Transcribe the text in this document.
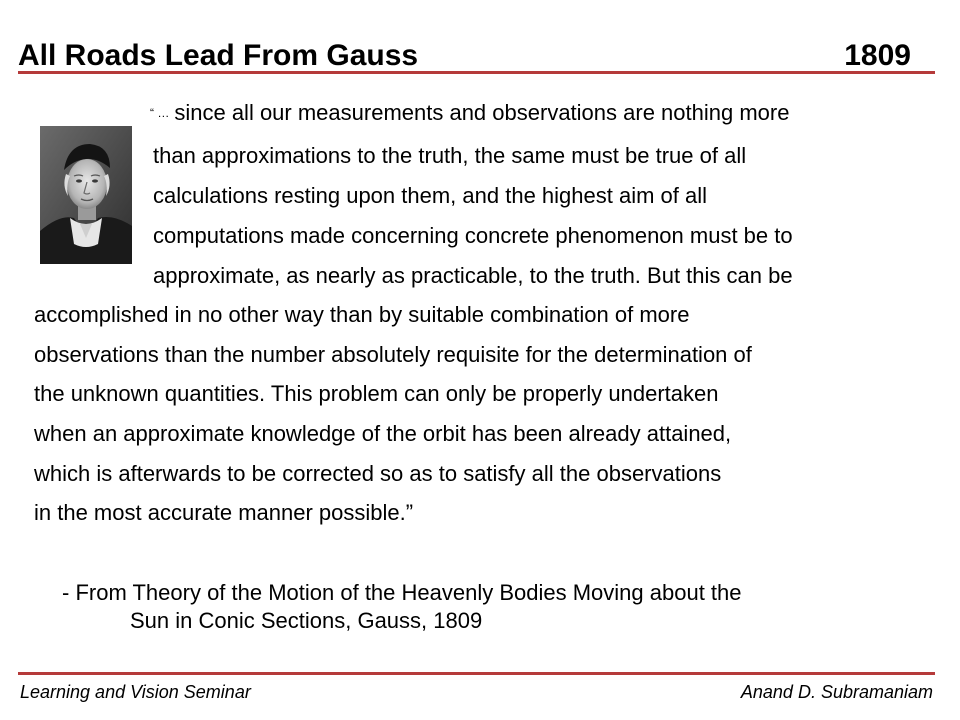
All Roads Lead From Gauss	1809
“ … since all our measurements and observations are nothing more
than approximations to the truth, the same must be true of all
calculations resting upon them, and the highest aim of all
computations made concerning concrete phenomenon must be to
approximate, as nearly as practicable, to the truth. But this can be
accomplished in no other way than by suitable combination of more
observations than the number absolutely requisite for the determination of
the unknown quantities. This problem can only be properly undertaken
when an approximate knowledge of the orbit has been already attained,
which is afterwards to be corrected so as to satisfy all the observations
in the most accurate manner possible.”
- From Theory of the Motion of the Heavenly Bodies Moving about the
Sun in Conic Sections, Gauss, 1809
Learning and Vision Seminar	Anand D. Subramaniam
